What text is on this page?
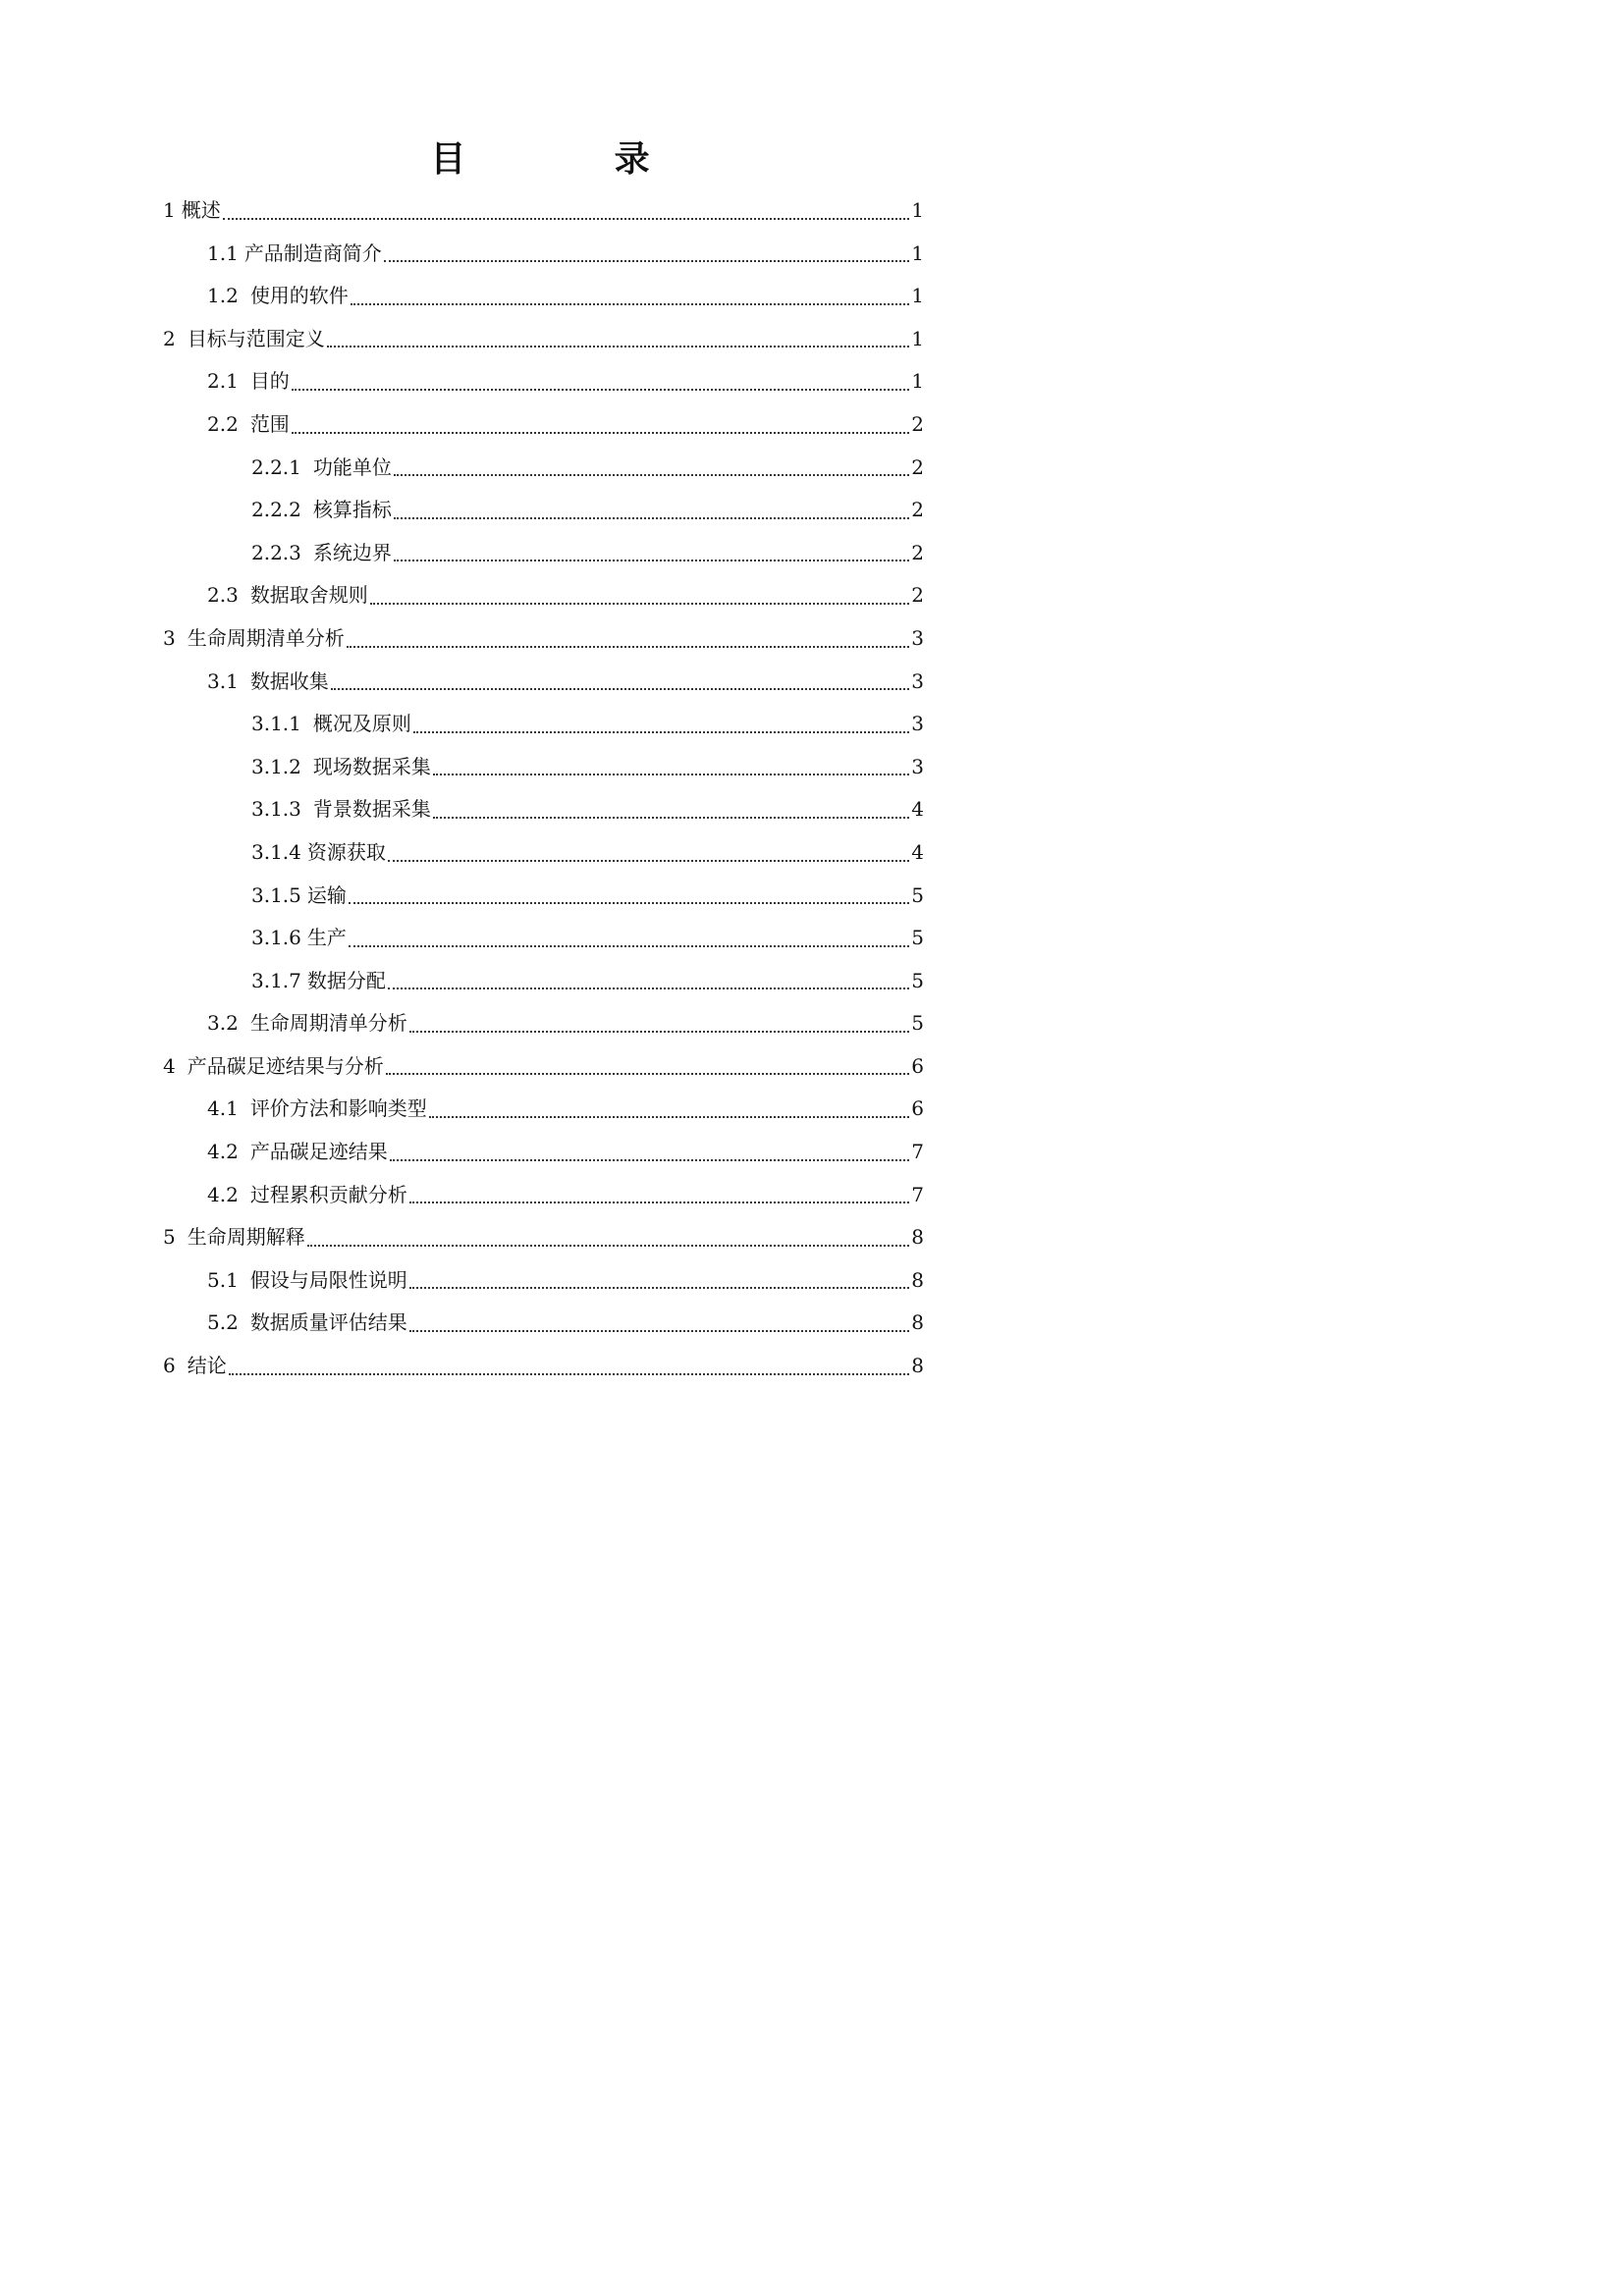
目　录
1 概述	1
1.1 产品制造商简介	1
1.2 使用的软件	1
2 目标与范围定义	1
2.1 目的	1
2.2 范围	2
2.2.1 功能单位	2
2.2.2 核算指标	2
2.2.3 系统边界	2
2.3 数据取舍规则	2
3 生命周期清单分析	3
3.1 数据收集	3
3.1.1 概况及原则	3
3.1.2 现场数据采集	3
3.1.3 背景数据采集	4
3.1.4 资源获取	4
3.1.5 运输	5
3.1.6 生产	5
3.1.7 数据分配	5
3.2 生命周期清单分析	5
4 产品碳足迹结果与分析	6
4.1 评价方法和影响类型	6
4.2 产品碳足迹结果	7
4.2 过程累积贡献分析	7
5 生命周期解释	8
5.1 假设与局限性说明	8
5.2 数据质量评估结果	8
6 结论	8
